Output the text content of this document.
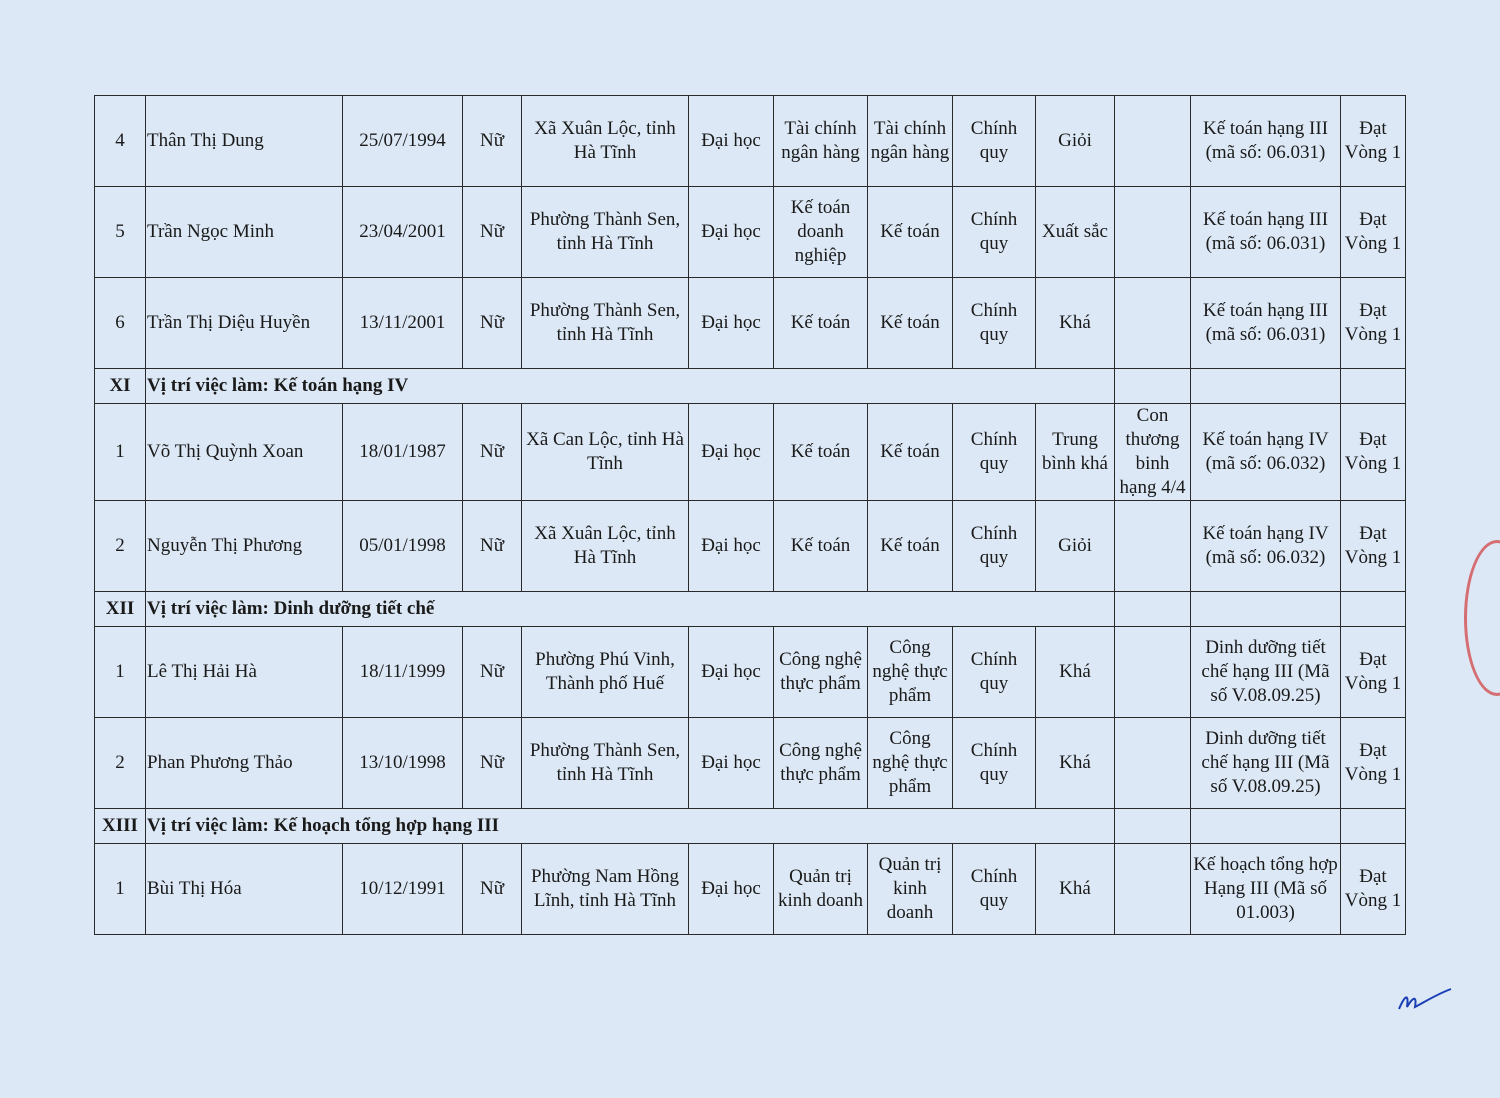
4	Thân Thị Dung	25/07/1994	Nữ	Xã Xuân Lộc, tỉnh Hà Tĩnh	Đại học	Tài chính ngân hàng	Tài chính ngân hàng	Chính quy	Giỏi		Kế toán hạng III (mã số: 06.031)	Đạt Vòng 1
5	Trần Ngọc Minh	23/04/2001	Nữ	Phường Thành Sen, tỉnh Hà Tĩnh	Đại học	Kế toán doanh nghiệp	Kế toán	Chính quy	Xuất sắc		Kế toán hạng III (mã số: 06.031)	Đạt Vòng 1
6	Trần Thị Diệu Huyền	13/11/2001	Nữ	Phường Thành Sen, tỉnh Hà Tĩnh	Đại học	Kế toán	Kế toán	Chính quy	Khá		Kế toán hạng III (mã số: 06.031)	Đạt Vòng 1
XI	Vị trí việc làm: Kế toán hạng IV											
1	Võ Thị Quỳnh Xoan	18/01/1987	Nữ	Xã Can Lộc, tỉnh Hà Tĩnh	Đại học	Kế toán	Kế toán	Chính quy	Trung bình khá	Con thương binh hạng 4/4	Kế toán hạng IV (mã số: 06.032)	Đạt Vòng 1
2	Nguyễn Thị Phương	05/01/1998	Nữ	Xã Xuân Lộc, tỉnh Hà Tĩnh	Đại học	Kế toán	Kế toán	Chính quy	Giỏi		Kế toán hạng IV (mã số: 06.032)	Đạt Vòng 1
XII	Vị trí việc làm: Dinh dưỡng tiết chế											
1	Lê Thị Hải Hà	18/11/1999	Nữ	Phường Phú Vinh, Thành phố Huế	Đại học	Công nghệ thực phẩm	Công nghệ thực phẩm	Chính quy	Khá		Dinh dưỡng tiết chế hạng III (Mã số V.08.09.25)	Đạt Vòng 1
2	Phan Phương Thảo	13/10/1998	Nữ	Phường Thành Sen, tỉnh Hà Tĩnh	Đại học	Công nghệ thực phẩm	Công nghệ thực phẩm	Chính quy	Khá		Dinh dưỡng tiết chế hạng III (Mã số V.08.09.25)	Đạt Vòng 1
XIII	Vị trí việc làm: Kế hoạch tổng hợp hạng III											
1	Bùi Thị Hóa	10/12/1991	Nữ	Phường Nam Hồng Lĩnh, tỉnh Hà Tĩnh	Đại học	Quản trị kinh doanh	Quản trị kinh doanh	Chính quy	Khá		Kế hoạch tổng hợp Hạng III (Mã số 01.003)	Đạt Vòng 1
